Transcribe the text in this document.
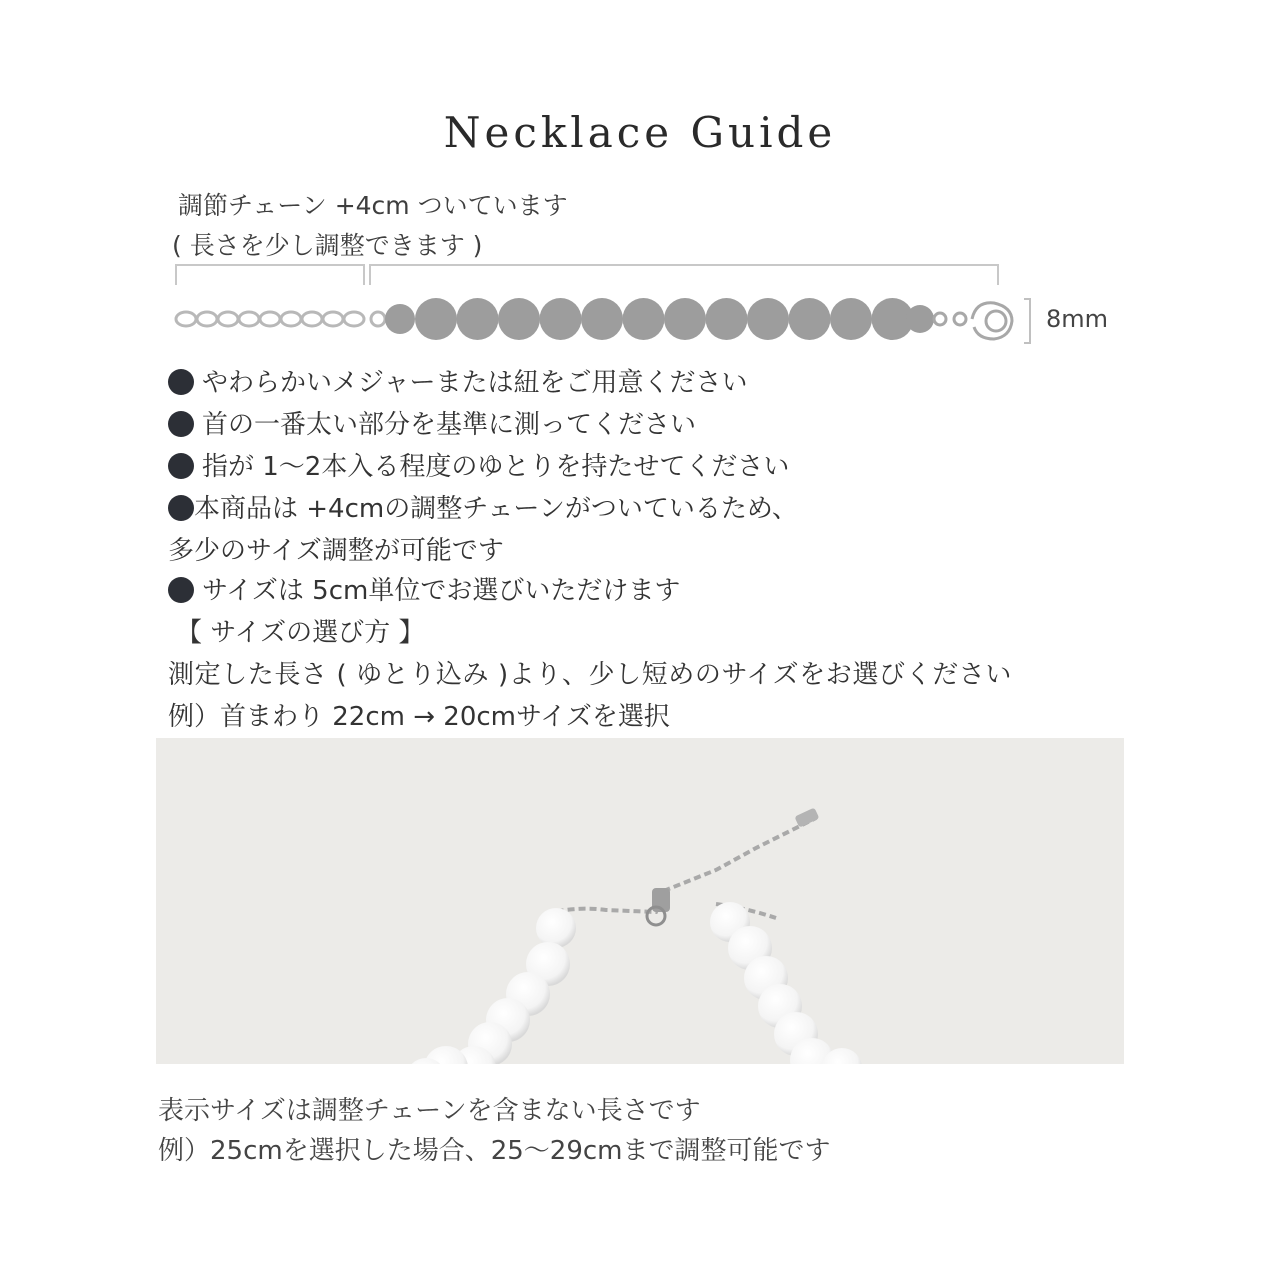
Necklace Guide
調節チェーン +4cm ついています
( 長さを少し調整できます )
8mm
やわらかいメジャーまたは紐をご用意ください
首の一番太い部分を基準に測ってください
指が 1〜2本入る程度のゆとりを持たせてください
本商品は +4cmの調整チェーンがついているため、
多少のサイズ調整が可能です
サイズは 5cm単位でお選びいただけます
【 サイズの選び方 】
測定した長さ ( ゆとり込み )より、少し短めのサイズをお選びください
例）首まわり 22cm → 20cmサイズを選択
表示サイズは調整チェーンを含まない長さです
例）25cmを選択した場合、25〜29cmまで調整可能です
